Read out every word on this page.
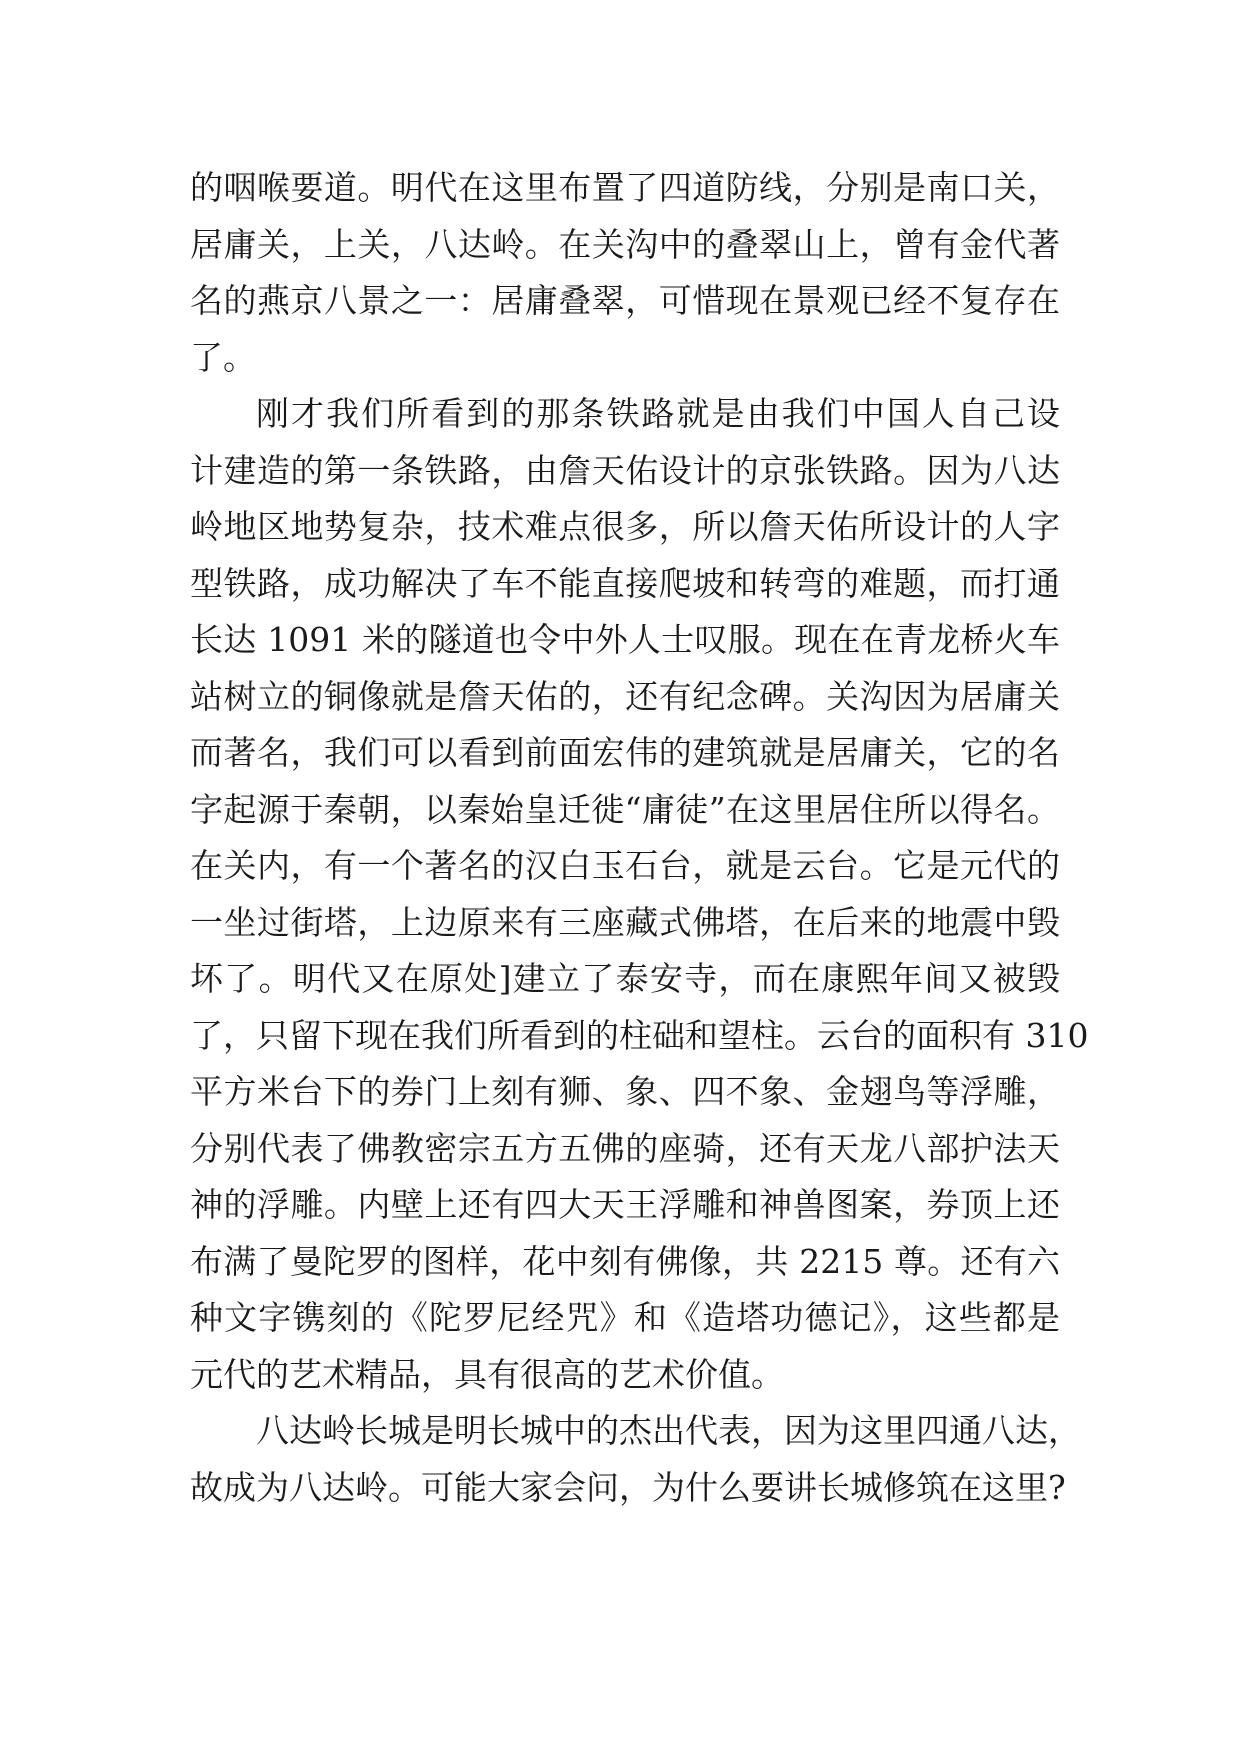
的咽喉要道。明代在这里布置了四道防线，分别是南口关，
居庸关，上关，八达岭。在关沟中的叠翠山上，曾有金代著
名的燕京八景之一：居庸叠翠，可惜现在景观已经不复存在
了。
刚才我们所看到的那条铁路就是由我们中国人自己设
计建造的第一条铁路，由詹天佑设计的京张铁路。因为八达
岭地区地势复杂，技术难点很多，所以詹天佑所设计的人字
型铁路，成功解决了车不能直接爬坡和转弯的难题，而打通
长达 1091 米的隧道也令中外人士叹服。现在在青龙桥火车
站树立的铜像就是詹天佑的，还有纪念碑。关沟因为居庸关
而著名，我们可以看到前面宏伟的建筑就是居庸关，它的名
字起源于秦朝，以秦始皇迁徙“庸徒”在这里居住所以得名。
在关内，有一个著名的汉白玉石台，就是云台。它是元代的
一坐过街塔，上边原来有三座藏式佛塔，在后来的地震中毁
坏了。明代又在原处]建立了泰安寺，而在康熙年间又被毁
了，只留下现在我们所看到的柱础和望柱。云台的面积有 310
平方米台下的券门上刻有狮、象、四不象、金翅鸟等浮雕，
分别代表了佛教密宗五方五佛的座骑，还有天龙八部护法天
神的浮雕。内壁上还有四大天王浮雕和神兽图案，券顶上还
布满了曼陀罗的图样，花中刻有佛像，共 2215 尊。还有六
种文字镌刻的《陀罗尼经咒》和《造塔功德记》，这些都是
元代的艺术精品，具有很高的艺术价值。
八达岭长城是明长城中的杰出代表，因为这里四通八达，
故成为八达岭。可能大家会问，为什么要讲长城修筑在这里?
